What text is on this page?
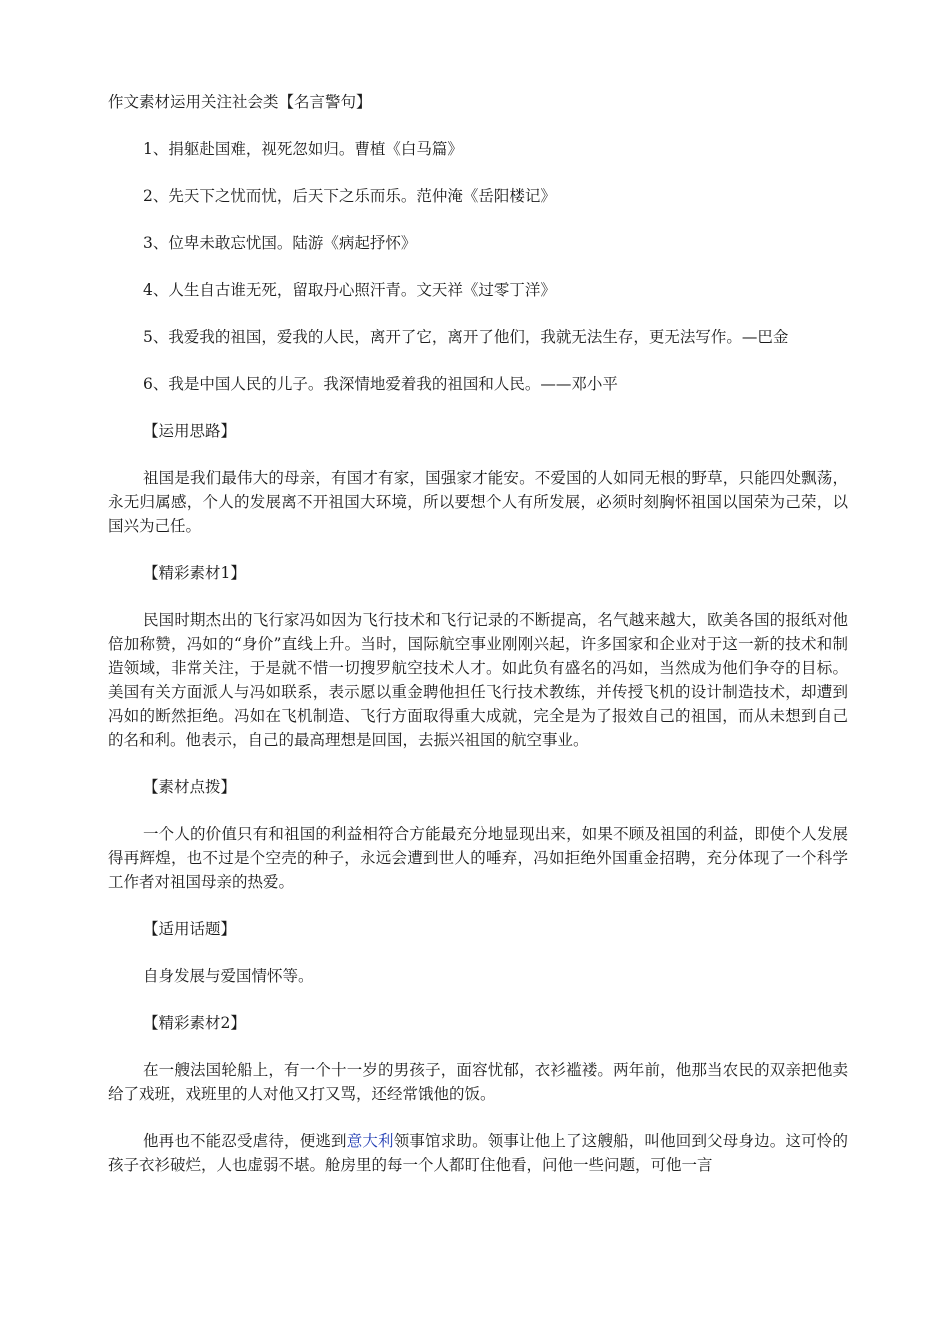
作文素材运用关注社会类【名言警句】

1、捐躯赴国难，视死忽如归。曹植《白马篇》

2、先天下之忧而忧，后天下之乐而乐。范仲淹《岳阳楼记》

3、位卑未敢忘忧国。陆游《病起抒怀》

4、人生自古谁无死，留取丹心照汗青。文天祥《过零丁洋》

5、我爱我的祖国，爱我的人民，离开了它，离开了他们，我就无法生存，更无法写作。—巴金

6、我是中国人民的儿子。我深情地爱着我的祖国和人民。——邓小平

【运用思路】

祖国是我们最伟大的母亲，有国才有家，国强家才能安。不爱国的人如同无根的野草，只能四处飘荡，永无归属感，个人的发展离不开祖国大环境，所以要想个人有所发展，必须时刻胸怀祖国以国荣为己荣，以国兴为己任。

【精彩素材1】

民国时期杰出的飞行家冯如因为飞行技术和飞行记录的不断提高，名气越来越大，欧美各国的报纸对他倍加称赞，冯如的“身价”直线上升。当时，国际航空事业刚刚兴起，许多国家和企业对于这一新的技术和制造领域，非常关注，于是就不惜一切搜罗航空技术人才。如此负有盛名的冯如，当然成为他们争夺的目标。美国有关方面派人与冯如联系，表示愿以重金聘他担任飞行技术教练，并传授飞机的设计制造技术，却遭到冯如的断然拒绝。冯如在飞机制造、飞行方面取得重大成就，完全是为了报效自己的祖国，而从未想到自己的名和利。他表示，自己的最高理想是回国，去振兴祖国的航空事业。

【素材点拨】

一个人的价值只有和祖国的利益相符合方能最充分地显现出来，如果不顾及祖国的利益，即使个人发展得再辉煌，也不过是个空壳的种子，永远会遭到世人的唾弃，冯如拒绝外国重金招聘，充分体现了一个科学工作者对祖国母亲的热爱。

【适用话题】

自身发展与爱国情怀等。

【精彩素材2】

在一艘法国轮船上，有一个十一岁的男孩子，面容忧郁，衣衫褴褛。两年前，他那当农民的双亲把他卖给了戏班，戏班里的人对他又打又骂，还经常饿他的饭。

他再也不能忍受虐待，便逃到意大利领事馆求助。领事让他上了这艘船，叫他回到父母身边。这可怜的孩子衣衫破烂，人也虚弱不堪。舱房里的每一个人都盯住他看，问他一些问题，可他一言
